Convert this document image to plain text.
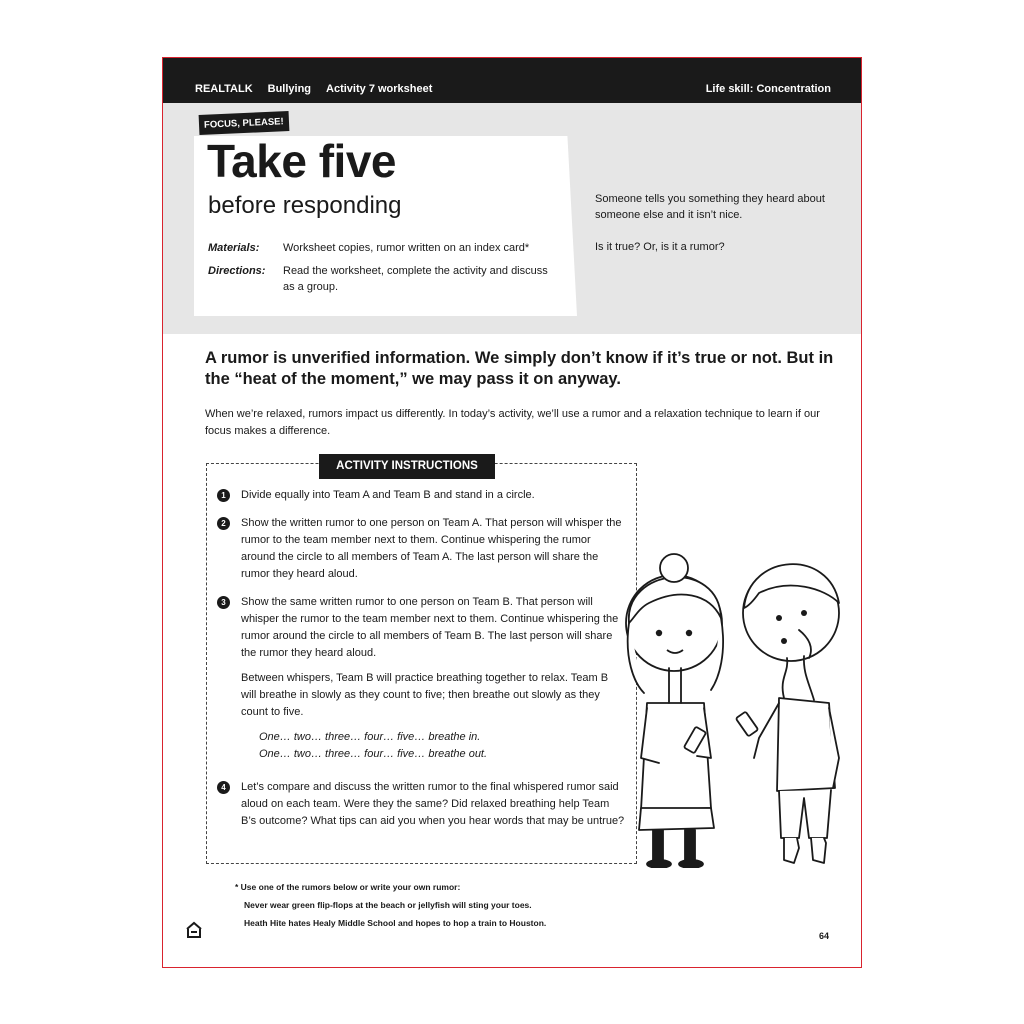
REALTALK Bullying Activity 7 worksheet	Life skill: Concentration
FOCUS, PLEASE!
Take five
before responding
Materials: Worksheet copies, rumor written on an index card*
Directions: Read the worksheet, complete the activity and discuss as a group.

Someone tells you something they heard about someone else and it isn’t nice.

Is it true? Or, is it a rumor?

A rumor is unverified information. We simply don’t know if it’s true or not. But in the “heat of the moment,” we may pass it on anyway.
When we’re relaxed, rumors impact us differently. In today’s activity, we’ll use a rumor and a relaxation technique to learn if our focus makes a difference.
ACTIVITY INSTRUCTIONS
1	Divide equally into Team A and Team B and stand in a circle.
2	Show the written rumor to one person on Team A. That person will whisper the rumor to the team member next to them. Continue whispering the rumor around the circle to all members of Team A. The last person will share the rumor they heard aloud.
3	Show the same written rumor to one person on Team B. That person will whisper the rumor to the team member next to them. Continue whispering the rumor around the circle to all members of Team B. The last person will share the rumor they heard aloud.

Between whispers, Team B will practice breathing together to relax. Team B will breathe in slowly as they count to five; then breathe out slowly as they count to five.

One… two… three… four… five… breathe in.

One… two… three… four… five… breathe out.
4	Let’s compare and discuss the written rumor to the final whispered rumor said aloud on each team. Were they the same? Did relaxed breathing help Team B’s outcome? What tips can aid you when you hear words that may be untrue?
* Use one of the rumors below or write your own rumor:
Never wear green flip-flops at the beach or jellyfish will sting your toes.
Heath Hite hates Healy Middle School and hopes to hop a train to Houston.
64
